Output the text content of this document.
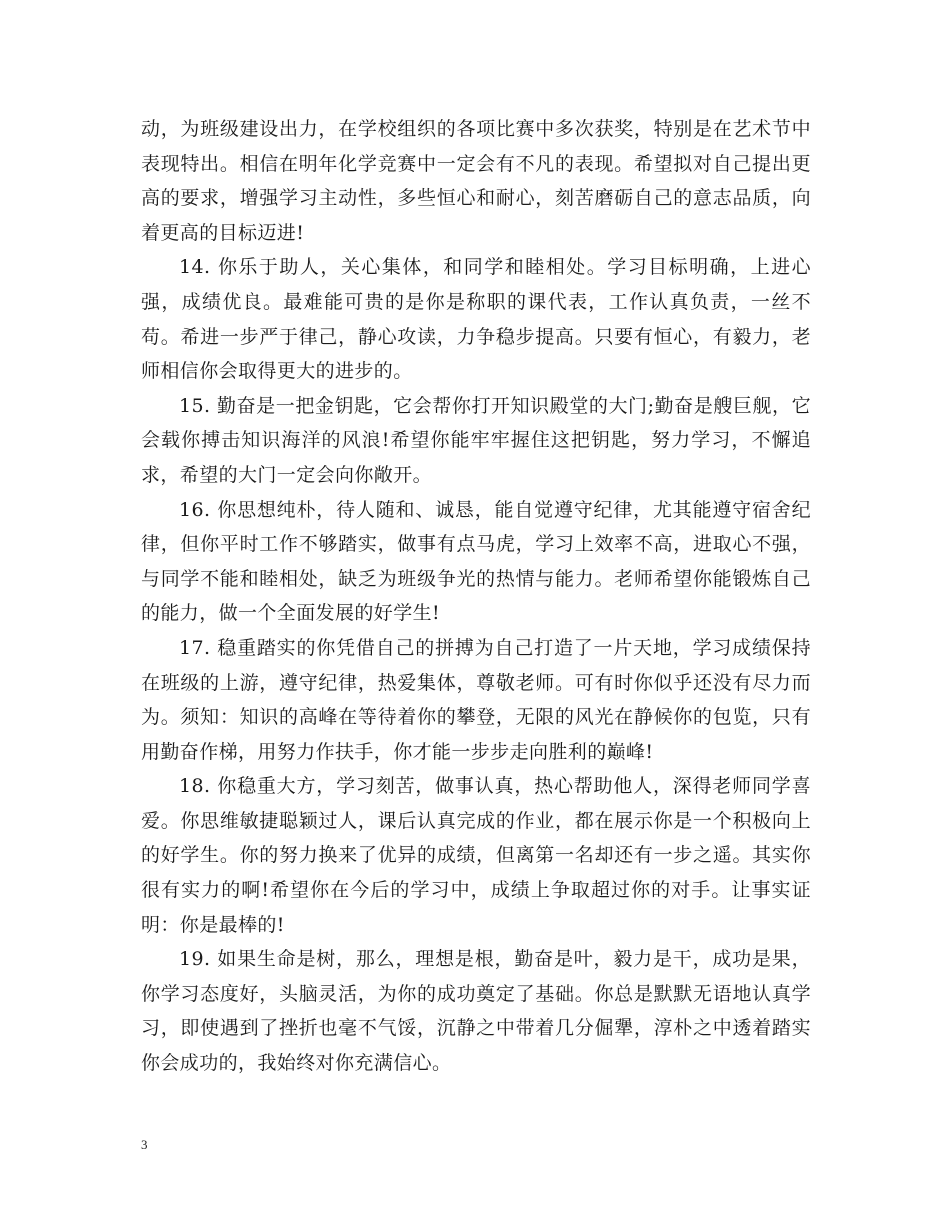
动，为班级建设出力，在学校组织的各项比赛中多次获奖，特别是在艺术节中表现特出。相信在明年化学竞赛中一定会有不凡的表现。希望拟对自己提出更高的要求，增强学习主动性，多些恒心和耐心，刻苦磨砺自己的意志品质，向着更高的目标迈进!

14. 你乐于助人，关心集体，和同学和睦相处。学习目标明确，上进心强，成绩优良。最难能可贵的是你是称职的课代表，工作认真负责，一丝不苟。希进一步严于律己，静心攻读，力争稳步提高。只要有恒心，有毅力，老师相信你会取得更大的进步的。

15. 勤奋是一把金钥匙，它会帮你打开知识殿堂的大门;勤奋是艘巨舰，它会载你搏击知识海洋的风浪!希望你能牢牢握住这把钥匙，努力学习，不懈追求，希望的大门一定会向你敞开。

16. 你思想纯朴，待人随和、诚恳，能自觉遵守纪律，尤其能遵守宿舍纪律，但你平时工作不够踏实，做事有点马虎，学习上效率不高，进取心不强，与同学不能和睦相处，缺乏为班级争光的热情与能力。老师希望你能锻炼自己的能力，做一个全面发展的好学生!

17. 稳重踏实的你凭借自己的拼搏为自己打造了一片天地，学习成绩保持在班级的上游，遵守纪律，热爱集体，尊敬老师。可有时你似乎还没有尽力而为。须知：知识的高峰在等待着你的攀登，无限的风光在静候你的包览，只有用勤奋作梯，用努力作扶手，你才能一步步走向胜利的巅峰!

18. 你稳重大方，学习刻苦，做事认真，热心帮助他人，深得老师同学喜爱。你思维敏捷聪颖过人，课后认真完成的作业，都在展示你是一个积极向上的好学生。你的努力换来了优异的成绩，但离第一名却还有一步之遥。其实你很有实力的啊!希望你在今后的学习中，成绩上争取超过你的对手。让事实证明：你是最棒的!

19. 如果生命是树，那么，理想是根，勤奋是叶，毅力是干，成功是果，你学习态度好，头脑灵活，为你的成功奠定了基础。你总是默默无语地认真学习，即使遇到了挫折也毫不气馁，沉静之中带着几分倔犟，淳朴之中透着踏实你会成功的，我始终对你充满信心。

3
